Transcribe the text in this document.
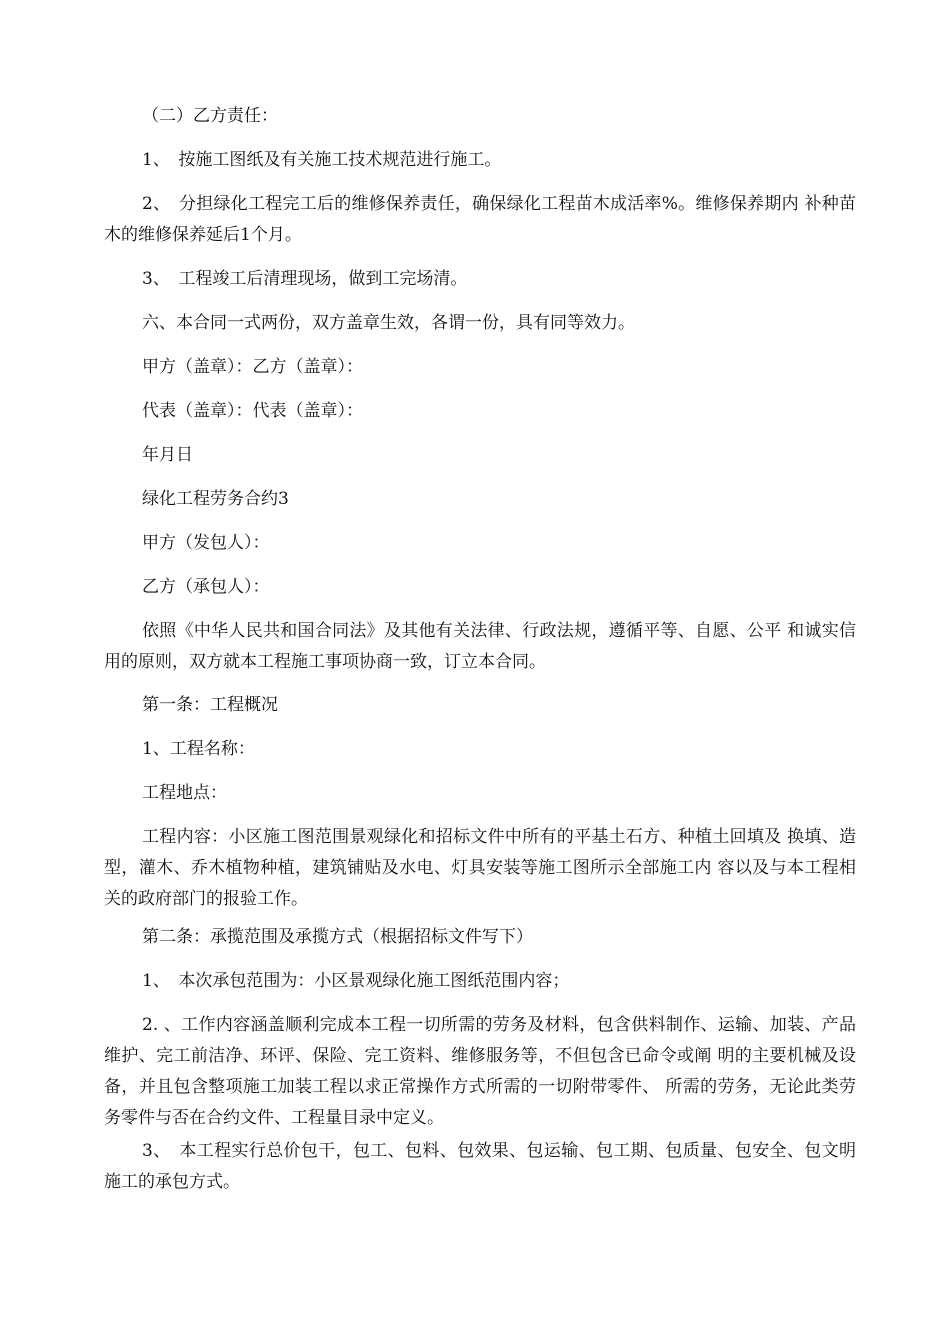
（二）乙方责任：

1、　按施工图纸及有关施工技术规范进行施工。

2、　分担绿化工程完工后的维修保养责任，确保绿化工程苗木成活率%。维修保养期内 补种苗木的维修保养延后1个月。

3、　工程竣工后清理现场，做到工完场清。

六、本合同一式两份，双方盖章生效，各谓一份，具有同等效力。

甲方（盖章）：乙方（盖章）：

代表（盖章）：代表（盖章）：

年月日

绿化工程劳务合约3

甲方（发包人）：

乙方（承包人）：

依照《中华人民共和国合同法》及其他有关法律、行政法规，遵循平等、自愿、公平 和诚实信用的原则，双方就本工程施工事项协商一致，订立本合同。

第一条：工程概况

1、工程名称：

工程地点：

工程内容：小区施工图范围景观绿化和招标文件中所有的平基土石方、种植土回填及 换填、造型，灌木、乔木植物种植，建筑铺贴及水电、灯具安装等施工图所示全部施工内 容以及与本工程相关的政府部门的报验工作。

第二条：承揽范围及承揽方式（根据招标文件写下）

1、　本次承包范围为：小区景观绿化施工图纸范围内容；

2. 、工作内容涵盖顺利完成本工程一切所需的劳务及材料，包含供料制作、运输、加装、产品维护、完工前洁净、环评、保险、完工资料、维修服务等，不但包含已命令或阐 明的主要机械及设备，并且包含整项施工加装工程以求正常操作方式所需的一切附带零件、 所需的劳务，无论此类劳务零件与否在合约文件、工程量目录中定义。

3、　本工程实行总价包干，包工、包料、包效果、包运输、包工期、包质量、包安全、包文明施工的承包方式。
